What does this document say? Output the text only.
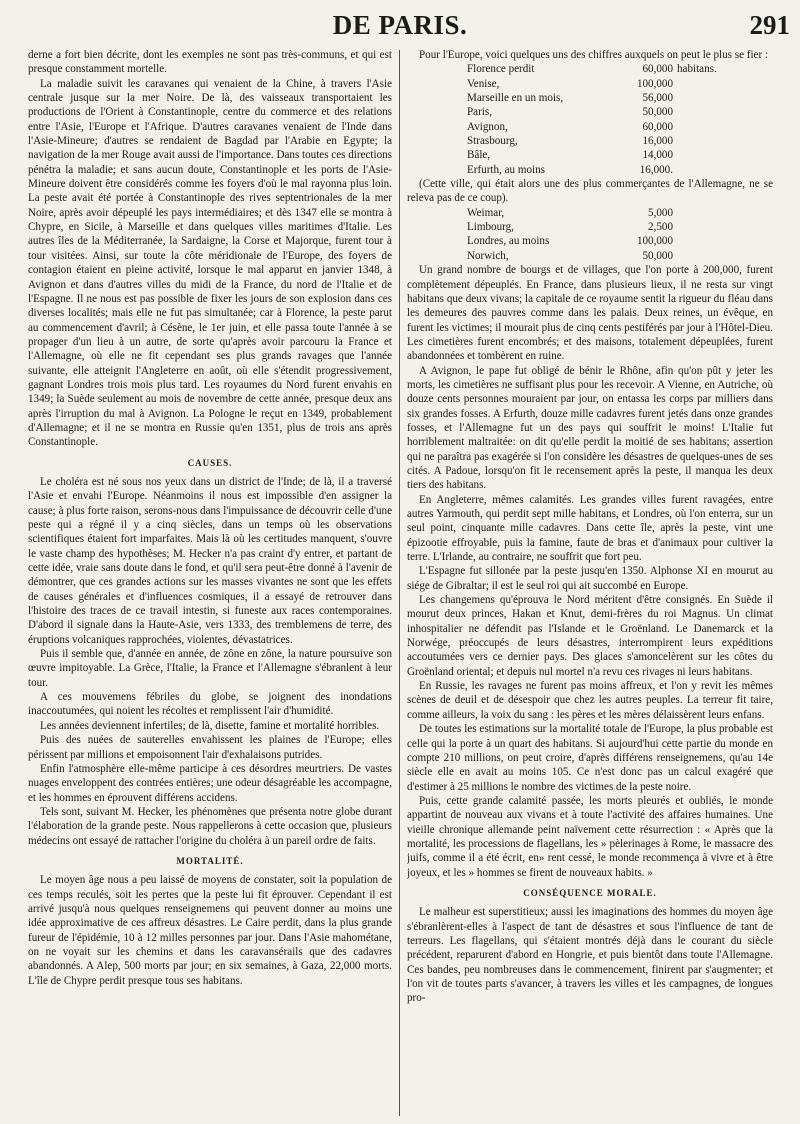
DE PARIS.	291

derne a fort bien décrite, dont les exemples ne sont pas très-communs, et qui est presque constamment mortelle.

La maladie suivit les caravanes qui venaient de la Chine, à travers l'Asie centrale jusque sur la mer Noire. De là, des vaisseaux transportaient les productions de l'Orient à Constantinople, centre du commerce et des relations entre l'Asie, l'Europe et l'Afrique. D'autres caravanes venaient de l'Inde dans l'Asie-Mineure; d'autres se rendaient de Bagdad par l'Arabie en Egypte; la navigation de la mer Rouge avait aussi de l'importance. Dans toutes ces directions pénétra la maladie; et sans aucun doute, Constantinople et les ports de l'Asie-Mineure doivent être considérés comme les foyers d'où le mal rayonna plus loin. La peste avait été portée à Constantinople des rives septentrionales de la mer Noire, après avoir dépeuplé les pays intermédiaires; et dès 1347 elle se montra à Chypre, en Sicile, à Marseille et dans quelques villes maritimes d'Italie. Les autres îles de la Méditerranée, la Sardaigne, la Corse et Majorque, furent tour à tour visitées. Ainsi, sur toute la côte méridionale de l'Europe, des foyers de contagion étaient en pleine activité, lorsque le mal apparut en janvier 1348, à Avignon et dans d'autres villes du midi de la France, du nord de l'Italie et de l'Espagne. Il ne nous est pas possible de fixer les jours de son explosion dans ces diverses localités; mais elle ne fut pas simultanée; car à Florence, la peste parut au commencement d'avril; à Césène, le 1er juin, et elle passa toute l'année à se propager d'un lieu à un autre, de sorte qu'après avoir parcouru la France et l'Allemagne, où elle ne fit cependant ses plus grands ravages que l'année suivante, elle atteignit l'Angleterre en août, où elle s'étendit progressivement, gagnant Londres trois mois plus tard. Les royaumes du Nord furent envahis en 1349; la Suède seulement au mois de novembre de cette année, presque deux ans après l'irruption du mal à Avignon. La Pologne le reçut en 1349, probablement d'Allemagne; et il ne se montra en Russie qu'en 1351, plus de trois ans après Constantinople.

CAUSES.

Le choléra est né sous nos yeux dans un district de l'Inde; de là, il a traversé l'Asie et envahi l'Europe. Néanmoins il nous est impossible d'en assigner la cause; à plus forte raison, serons-nous dans l'impuissance de découvrir celle d'une peste qui a régné il y a cinq siècles, dans un temps où les observations scientifiques étaient fort imparfaites. Mais là où les certitudes manquent, s'ouvre le vaste champ des hypothèses; M. Hecker n'a pas craint d'y entrer, et partant de cette idée, vraie sans doute dans le fond, et qu'il sera peut-être donné à l'avenir de démontrer, que ces grandes actions sur les masses vivantes ne sont que les effets de causes générales et d'influences cosmiques, il a essayé de retrouver dans l'histoire des traces de ce travail intestin, si funeste aux races contemporaines. D'abord il signale dans la Haute-Asie, vers 1333, des tremblemens de terre, des éruptions volcaniques rapprochées, violentes, dévastatrices.

Puis il semble que, d'année en année, de zône en zône, la nature poursuive son œuvre impitoyable. La Grèce, l'Italie, la France et l'Allemagne s'ébranlent à leur tour.

A ces mouvemens fébriles du globe, se joignent des inondations inaccoutumées, qui noient les récoltes et remplissent l'air d'humidité.

Les années deviennent infertiles; de là, disette, famine et mortalité horribles.

Puis des nuées de sauterelles envahissent les plaines de l'Europe; elles périssent par millions et empoisonnent l'air d'exhalaisons putrides.

Enfin l'atmosphère elle-même participe à ces désordres meurtriers. De vastes nuages enveloppent des contrées entières; une odeur désagréable les accompagne, et les hommes en éprouvent différens accidens.

Tels sont, suivant M. Hecker, les phénomènes que présenta notre globe durant l'élaboration de la grande peste. Nous rappellerons à cette occasion que, plusieurs médecins ont essayé de rattacher l'origine du choléra à un pareil ordre de faits.

MORTALITÉ.

Le moyen âge nous a peu laissé de moyens de constater, soit la population de ces temps reculés, soit les pertes que la peste lui fit éprouver. Cependant il est arrivé jusqu'à nous quelques renseignemens qui peuvent donner au moins une idée approximative de ces affreux désastres. Le Caire perdit, dans la plus grande fureur de l'épidémie, 10 à 12 milles personnes par jour. Dans l'Asie mahométane, on ne voyait sur les chemins et dans les caravansérails que des cadavres abandonnés. A Alep, 500 morts par jour; en six semaines, à Gaza, 22,000 morts. L'île de Chypre perdit presque tous ses habitans.

Pour l'Europe, voici quelques uns des chiffres auxquels on peut le plus se fier :

Florence perdit	60,000	habitans.
Venise,	100,000	
Marseille en un mois,	56,000	
Paris,	50,000	
Avignon,	60,000	
Strasbourg,	16,000	
Bâle,	14,000	
Erfurth, au moins	16,000.	

(Cette ville, qui était alors une des plus commerçantes de l'Allemagne, ne se releva pas de ce coup).

Weimar,	5,000
Limbourg,	2,500
Londres, au moins	100,000
Norwich,	50,000

Un grand nombre de bourgs et de villages, que l'on porte à 200,000, furent complètement dépeuplés. En France, dans plusieurs lieux, il ne resta sur vingt habitans que deux vivans; la capitale de ce royaume sentit la rigueur du fléau dans les demeures des pauvres comme dans les palais. Deux reines, un évêque, en furent les victimes; il mourait plus de cinq cents pestiférés par jour à l'Hôtel-Dieu. Les cimetières furent encombrés; et des maisons, totalement dépeuplées, furent abandonnées et tombèrent en ruine.

A Avignon, le pape fut obligé de bénir le Rhône, afin qu'on pût y jeter les morts, les cimetières ne suffisant plus pour les recevoir. A Vienne, en Autriche, où douze cents personnes mouraient par jour, on entassa les corps par milliers dans six grandes fosses. A Erfurth, douze mille cadavres furent jetés dans onze grandes fosses, et l'Allemagne fut un des pays qui souffrit le moins! L'Italie fut horriblement maltraitée: on dit qu'elle perdit la moitié de ses habitans; assertion qui ne paraîtra pas exagérée si l'on considère les désastres de quelques-unes de ses cités. A Padoue, lorsqu'on fit le recensement après la peste, il manqua les deux tiers des habitans.

En Angleterre, mêmes calamités. Les grandes villes furent ravagées, entre autres Yarmouth, qui perdit sept mille habitans, et Londres, où l'on enterra, sur un seul point, cinquante mille cadavres. Dans cette île, après la peste, vint une épizootie effroyable, puis la famine, faute de bras et d'animaux pour cultiver la terre. L'Irlande, au contraire, ne souffrit que fort peu.

L'Espagne fut sillonée par la peste jusqu'en 1350. Alphonse XI en mourut au siége de Gibraltar; il est le seul roi qui ait succombé en Europe.

Les changemens qu'éprouva le Nord méritent d'être consignés. En Suède il mourut deux princes, Hakan et Knut, demi-frères du roi Magnus. Un climat inhospitalier ne défendit pas l'Islande et le Groënland. Le Danemarck et la Norwége, préoccupés de leurs désastres, interrompirent leurs expéditions accoutumées vers ce dernier pays. Des glaces s'amoncelèrent sur les côtes du Groënland oriental; et depuis nul mortel n'a revu ces rivages ni leurs habitans.

En Russie, les ravages ne furent pas moins affreux, et l'on y revit les mêmes scènes de deuil et de désespoir que chez les autres peuples. La terreur fit taire, comme ailleurs, la voix du sang : les pères et les mères délaissèrent leurs enfans.

De toutes les estimations sur la mortalité totale de l'Europe, la plus probable est celle qui la porte à un quart des habitans. Si aujourd'hui cette partie du monde en compte 210 millions, on peut croire, d'après différens renseignemens, qu'au 14e siècle elle en avait au moins 105. Ce n'est donc pas un calcul exagéré que d'estimer à 25 millions le nombre des victimes de la peste noire.

Puis, cette grande calamité passée, les morts pleurés et oubliés, le monde appartint de nouveau aux vivans et à toute l'activité des affaires humaines. Une vieille chronique allemande peint naïvement cette résurrection : « Après que la mortalité, les processions de flagellans, les » pèlerinages à Rome, le massacre des juifs, comme il a été écrit, en» rent cessé, le monde recommença à vivre et à être joyeux, et les » hommes se firent de nouveaux habits. »

CONSÉQUENCE MORALE.

Le malheur est superstitieux; aussi les imaginations des hommes du moyen âge s'ébranlèrent-elles à l'aspect de tant de désastres et sous l'influence de tant de terreurs. Les flagellans, qui s'étaient montrés déjà dans le courant du siècle précédent, reparurent d'abord en Hongrie, et puis bientôt dans toute l'Allemagne. Ces bandes, peu nombreuses dans le commencement, finirent par s'augmenter; et l'on vit de toutes parts s'avancer, à travers les villes et les campagnes, de longues pro-
